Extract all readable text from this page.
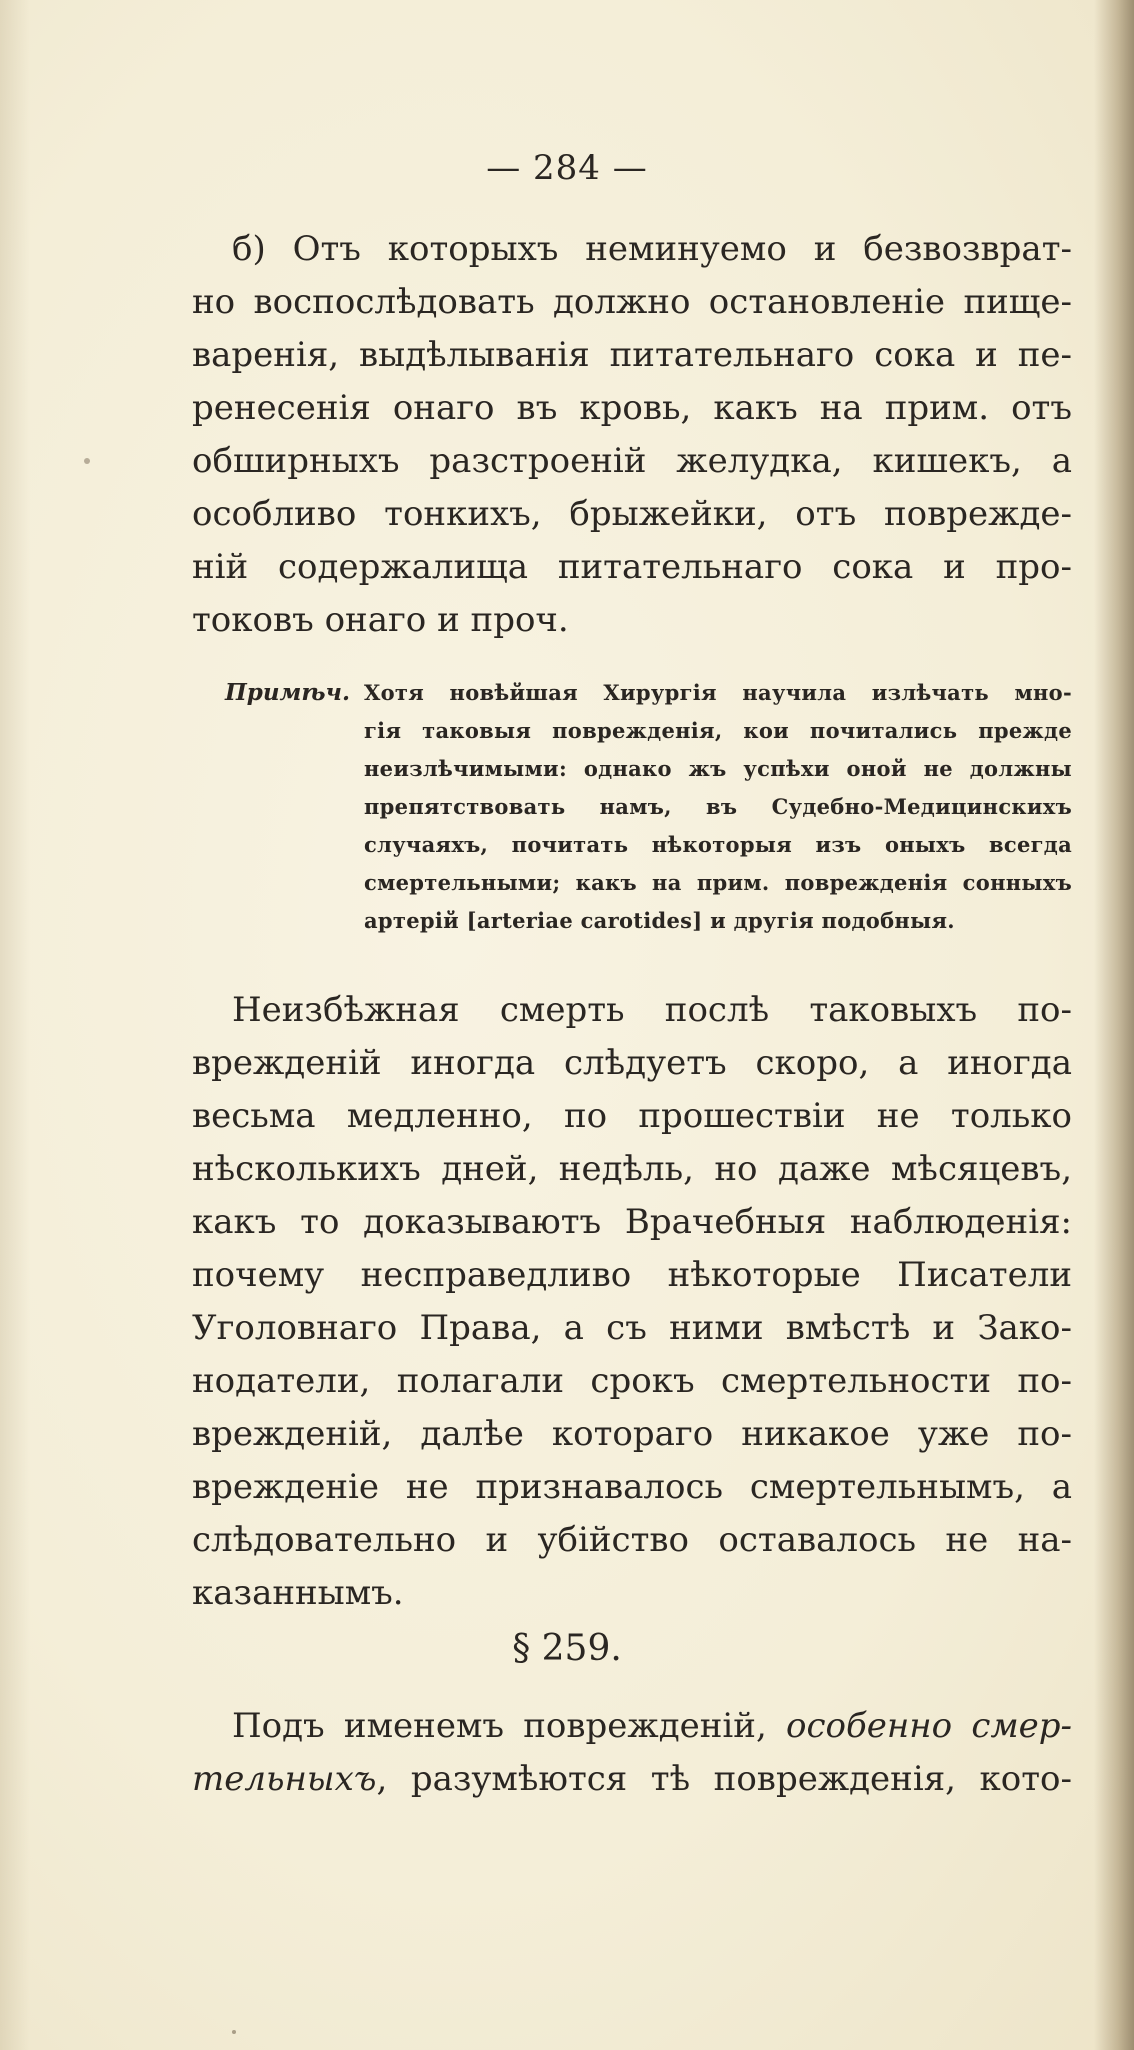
— 284 —
б) Отъ которыхъ неминуемо и безвозврат-
но воспослѣдовать должно остановленіе пище-
варенія, выдѣлыванія питательнаго сока и пе-
ренесенія онаго въ кровь, какъ на прим. отъ
обширныхъ разстроеній желудка, кишекъ, а
особливо тонкихъ, брыжейки, отъ поврежде-
ній содержалища питательнаго сока и про-
токовъ онаго и проч.
Примѣч. Хотя новѣйшая Хирургія научила излѣчать мно-
гія таковыя поврежденія, кои почитались прежде
неизлѣчимыми: однако жъ успѣхи оной не должны
препятствовать намъ, въ Судебно-Медицинскихъ
случаяхъ, почитать нѣкоторыя изъ оныхъ всегда
смертельными; какъ на прим. поврежденія сонныхъ
артерій [arteriae carotides] и другія подобныя.
Неизбѣжная смерть послѣ таковыхъ по-
врежденій иногда слѣдуетъ скоро, а иногда
весьма медленно, по прошествіи не только
нѣсколькихъ дней, недѣль, но даже мѣсяцевъ,
какъ то доказываютъ Врачебныя наблюденія:
почему несправедливо нѣкоторые Писатели
Уголовнаго Права, а съ ними вмѣстѣ и Зако-
нодатели, полагали срокъ смертельности по-
врежденій, далѣе котораго никакое уже по-
врежденіе не признавалось смертельнымъ, а
слѣдовательно и убійство оставалось не на-
казаннымъ.
§ 259.
Подъ именемъ поврежденій, особенно смер-
тельныхъ, разумѣются тѣ поврежденія, кото-
